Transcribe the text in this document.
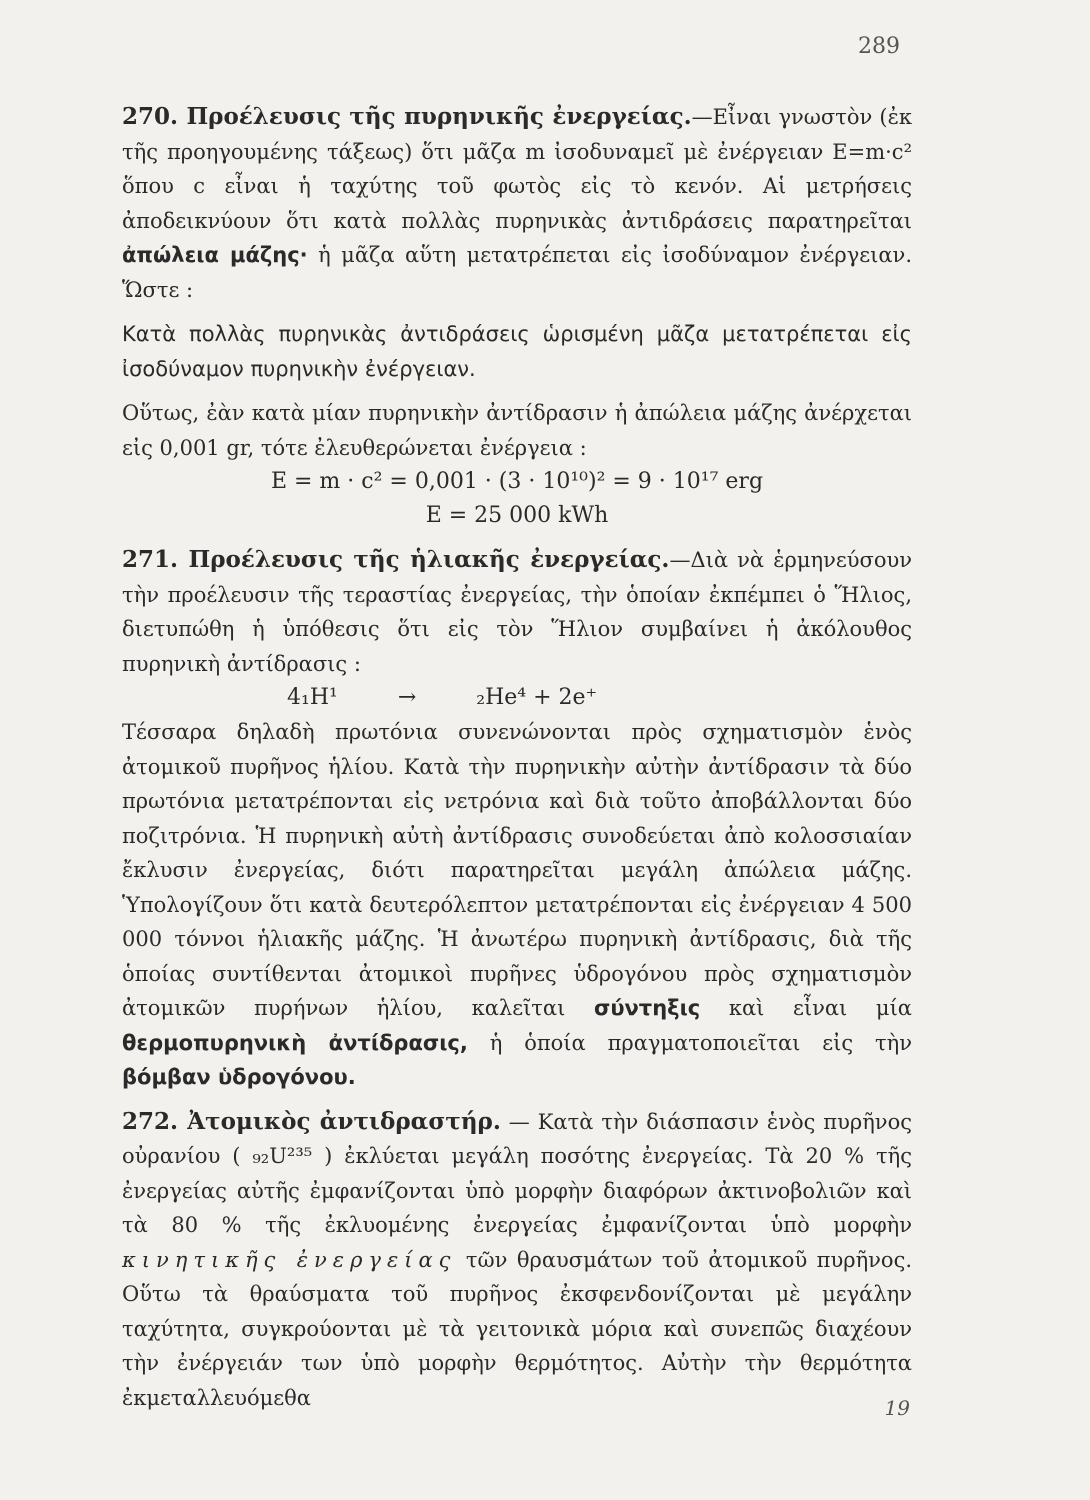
289

270. Προέλευσις τῆς πυρηνικῆς ἐνεργείας.—Εἶναι γνωστὸν (ἐκ τῆς προηγουμένης τάξεως) ὅτι μᾶζα m ἰσοδυναμεῖ μὲ ἐνέργειαν E=m·c² ὅπου c εἶναι ἡ ταχύτης τοῦ φωτὸς εἰς τὸ κενόν. Αἱ μετρήσεις ἀποδεικνύουν ὅτι κατὰ πολλὰς πυρηνικὰς ἀντιδράσεις παρατηρεῖται ἀπώλεια μάζης· ἡ μᾶζα αὕτη μετατρέπεται εἰς ἰσοδύναμον ἐνέργειαν. Ὥστε :

Κατὰ πολλὰς πυρηνικὰς ἀντιδράσεις ὡρισμένη μᾶζα μετατρέπεται εἰς ἰσοδύναμον πυρηνικὴν ἐνέργειαν.

Οὕτως, ἐὰν κατὰ μίαν πυρηνικὴν ἀντίδρασιν ἡ ἀπώλεια μάζης ἀνέρχεται εἰς 0,001 gr, τότε ἐλευθερώνεται ἐνέργεια :

E = m · c² = 0,001 · (3 · 10¹⁰)² = 9 · 10¹⁷ erg

E = 25 000 kWh

271. Προέλευσις τῆς ἡλιακῆς ἐνεργείας.—Διὰ νὰ ἑρμηνεύσουν τὴν προέλευσιν τῆς τεραστίας ἐνεργείας, τὴν ὁποίαν ἐκπέμπει ὁ Ἥλιος, διετυπώθη ἡ ὑπόθεσις ὅτι εἰς τὸν Ἥλιον συμβαίνει ἡ ἀκόλουθος πυρηνικὴ ἀντίδρασις :

4₁H¹	→	₂He⁴ + 2e⁺

Τέσσαρα δηλαδὴ πρωτόνια συνενώνονται πρὸς σχηματισμὸν ἑνὸς ἀτομικοῦ πυρῆνος ἡλίου. Κατὰ τὴν πυρηνικὴν αὐτὴν ἀντίδρασιν τὰ δύο πρωτόνια μετατρέπονται εἰς νετρόνια καὶ διὰ τοῦτο ἀποβάλλονται δύο ποζιτρόνια. Ἡ πυρηνικὴ αὐτὴ ἀντίδρασις συνοδεύεται ἀπὸ κολοσσιαίαν ἔκλυσιν ἐνεργείας, διότι παρατηρεῖται μεγάλη ἀπώλεια μάζης. Ὑπολογίζουν ὅτι κατὰ δευτερόλεπτον μετατρέπονται εἰς ἐνέργειαν 4 500 000 τόννοι ἡλιακῆς μάζης. Ἡ ἀνωτέρω πυρηνικὴ ἀντίδρασις, διὰ τῆς ὁποίας συντίθενται ἀτομικοὶ πυρῆνες ὑδρογόνου πρὸς σχηματισμὸν ἀτομικῶν πυρήνων ἡλίου, καλεῖται σύντηξις καὶ εἶναι μία θερμοπυρηνικὴ ἀντίδρασις, ἡ ὁποία πραγματοποιεῖται εἰς τὴν βόμβαν ὑδρογόνου.

272. Ἀτομικὸς ἀντιδραστήρ. — Κατὰ τὴν διάσπασιν ἑνὸς πυρῆνος οὐρανίου ( ₉₂U²³⁵ ) ἐκλύεται μεγάλη ποσότης ἐνεργείας. Τὰ 20 % τῆς ἐνεργείας αὐτῆς ἐμφανίζονται ὑπὸ μορφὴν διαφόρων ἀκτινοβολιῶν καὶ τὰ 80 % τῆς ἐκλυομένης ἐνεργείας ἐμφανίζονται ὑπὸ μορφὴν κινητικῆς ἐνεργείας τῶν θραυσμάτων τοῦ ἀτομικοῦ πυρῆνος. Οὕτω τὰ θραύσματα τοῦ πυρῆνος ἐκσφενδονίζονται μὲ μεγάλην ταχύτητα, συγκρούονται μὲ τὰ γειτονικὰ μόρια καὶ συνεπῶς διαχέουν τὴν ἐνέργειάν των ὑπὸ μορφὴν θερμότητος. Αὐτὴν τὴν θερμότητα ἐκμεταλλευόμεθα	19
